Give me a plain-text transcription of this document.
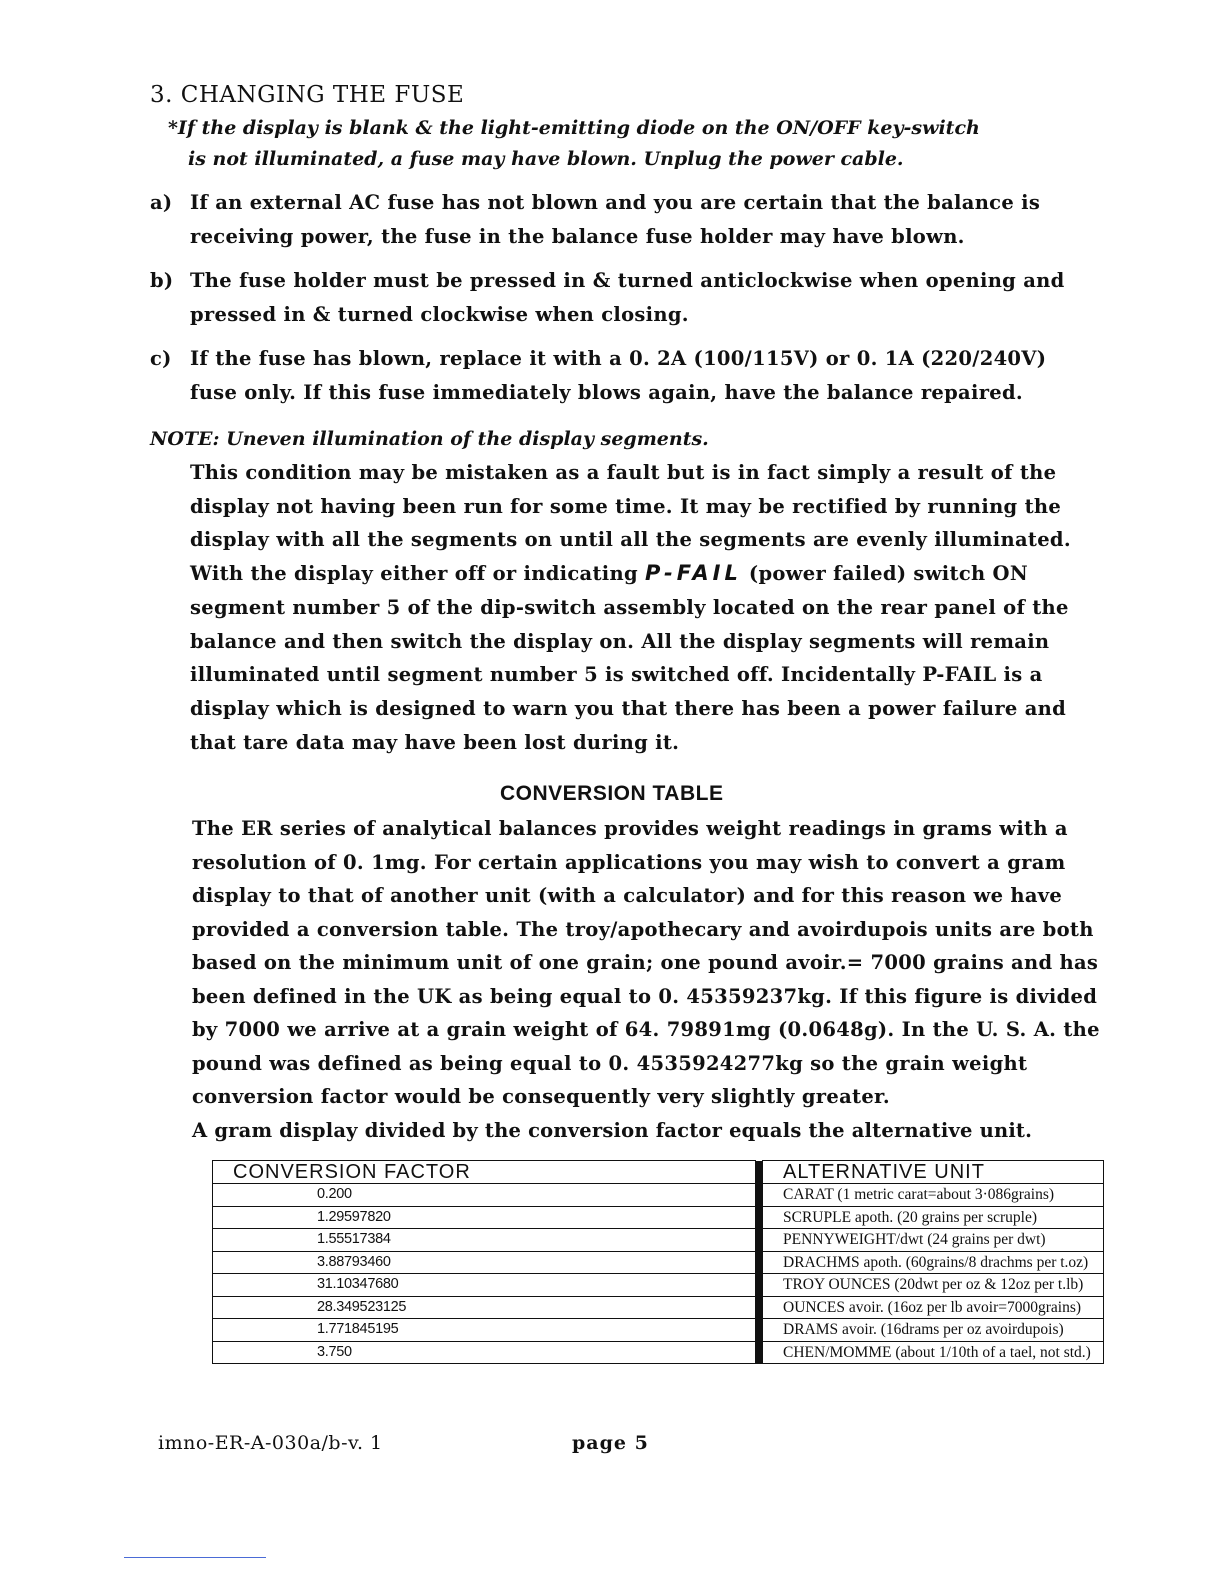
3. CHANGING THE FUSE
*If the display is blank & the light-emitting diode on the ON/OFF key-switch
is not illuminated, a fuse may have blown. Unplug the power cable.
a) If an external AC fuse has not blown and you are certain that the balance is receiving power, the fuse in the balance fuse holder may have blown.
b) The fuse holder must be pressed in & turned anticlockwise when opening and pressed in & turned clockwise when closing.
c) If the fuse has blown, replace it with a 0. 2A (100/115V) or 0. 1A (220/240V) fuse only. If this fuse immediately blows again, have the balance repaired.
NOTE: Uneven illumination of the display segments.
This condition may be mistaken as a fault but is in fact simply a result of the display not having been run for some time. It may be rectified by running the display with all the segments on until all the segments are evenly illuminated. With the display either off or indicating P-FAIL (power failed) switch ON segment number 5 of the dip-switch assembly located on the rear panel of the balance and then switch the display on. All the display segments will remain illuminated until segment number 5 is switched off. Incidentally P-FAIL is a display which is designed to warn you that there has been a power failure and that tare data may have been lost during it.
CONVERSION TABLE
The ER series of analytical balances provides weight readings in grams with a resolution of 0. 1mg. For certain applications you may wish to convert a gram display to that of another unit (with a calculator) and for this reason we have provided a conversion table. The troy/apothecary and avoirdupois units are both based on the minimum unit of one grain; one pound avoir.= 7000 grains and has been defined in the UK as being equal to 0. 45359237kg. If this figure is divided by 7000 we arrive at a grain weight of 64. 79891mg (0.0648g). In the U. S. A. the pound was defined as being equal to 0. 4535924277kg so the grain weight conversion factor would be consequently very slightly greater.
A gram display divided by the conversion factor equals the alternative unit.
CONVERSION FACTOR		ALTERNATIVE UNIT
0.200		CARAT (1 metric carat=about 3·086grains)
1.29597820		SCRUPLE apoth. (20 grains per scruple)
1.55517384		PENNYWEIGHT/dwt (24 grains per dwt)
3.88793460		DRACHMS apoth. (60grains/8 drachms per t.oz)
31.10347680		TROY OUNCES (20dwt per oz & 12oz per t.lb)
28.349523125		OUNCES avoir. (16oz per lb avoir=7000grains)
1.771845195		DRAMS avoir. (16drams per oz avoirdupois)
3.750		CHEN/MOMME (about 1/10th of a tael, not std.)
imno-ER-A-030a/b-v. 1	page 5
